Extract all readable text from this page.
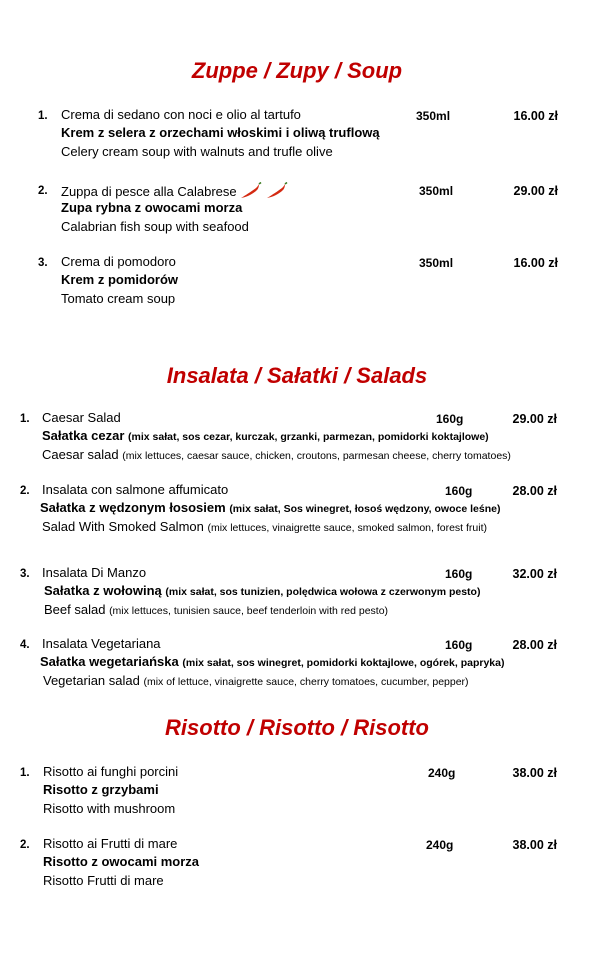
Zuppe / Zupy / Soup
1. Crema di sedano con noci e olio al tartufo
Krem z selera z orzechami włoskimi i oliwą truflową
Celery cream soup with walnuts and trufle olive
350ml	16.00 zł
2. Zuppa di pesce alla Calabrese
Zupa rybna z owocami morza
Calabrian fish soup with seafood
350ml	29.00 zł
3. Crema di pomodoro
Krem z pomidorów
Tomato cream soup
350ml	16.00 zł
Insalata / Sałatki / Salads
1. Caesar Salad
Sałatka cezar (mix sałat, sos cezar, kurczak, grzanki, parmezan, pomidorki koktajlowe)
Caesar salad (mix lettuces, caesar sauce, chicken, croutons, parmesan cheese, cherry tomatoes)
160g	29.00 zł
2. Insalata con salmone affumicato
Sałatka z wędzonym łososiem (mix sałat, Sos winegret, łosoś wędzony, owoce leśne)
Salad With Smoked Salmon (mix lettuces, vinaigrette sauce, smoked salmon, forest fruit)
160g	28.00 zł
3. Insalata Di Manzo
Sałatka z wołowiną (mix sałat, sos tunizien, polędwica wołowa z czerwonym pesto)
Beef salad (mix lettuces, tunisien sauce, beef tenderloin with red pesto)
160g	32.00 zł
4. Insalata Vegetariana
Sałatka wegetariańska (mix sałat, sos winegret, pomidorki koktajlowe, ogórek, papryka)
Vegetarian salad (mix of lettuce, vinaigrette sauce, cherry tomatoes, cucumber, pepper)
160g	28.00 zł
Risotto / Risotto / Risotto
1. Risotto ai funghi porcini
Risotto z grzybami
Risotto with mushroom
240g	38.00 zł
2. Risotto ai Frutti di mare
Risotto z owocami morza
Risotto Frutti di mare
240g	38.00 zł
